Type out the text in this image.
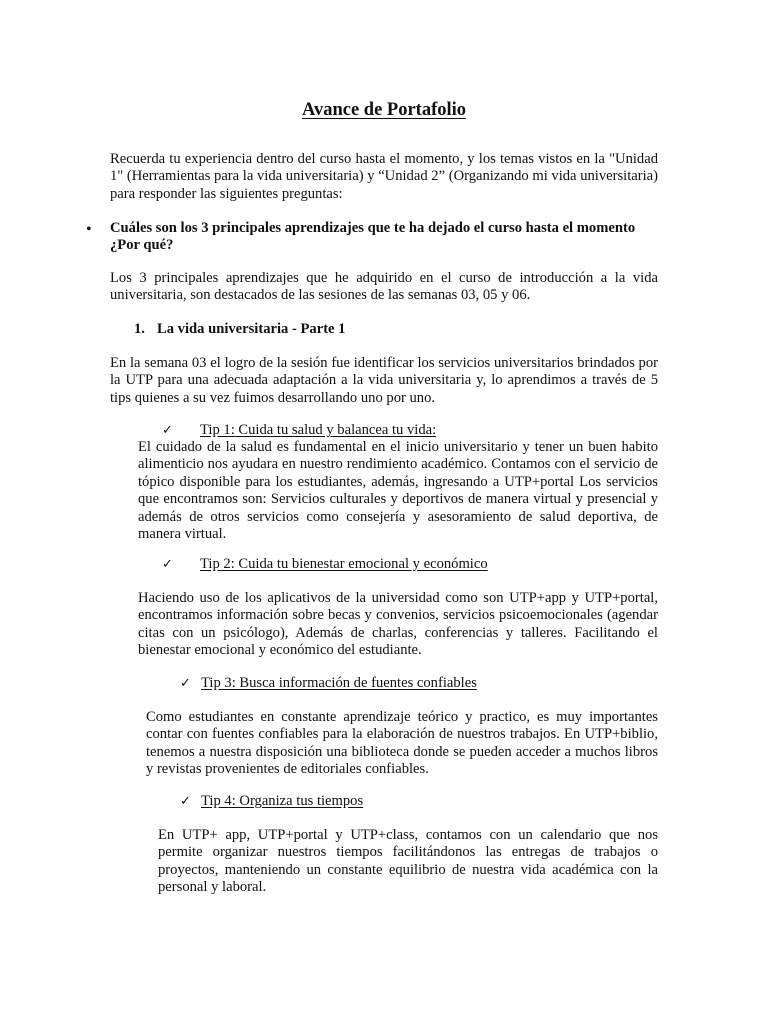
Avance de Portafolio
Recuerda tu experiencia dentro del curso hasta el momento, y los temas vistos en la "Unidad 1" (Herramientas para la vida universitaria) y “Unidad 2” (Organizando mi vida universitaria) para responder las siguientes preguntas:
• Cuáles son los 3 principales aprendizajes que te ha dejado el curso hasta el momento ¿Por qué?
Los 3 principales aprendizajes que he adquirido en el curso de introducción a la vida universitaria, son destacados de las sesiones de las semanas 03, 05 y 06.
1. La vida universitaria - Parte 1
En la semana 03 el logro de la sesión fue identificar los servicios universitarios brindados por la UTP para una adecuada adaptación a la vida universitaria y, lo aprendimos a través de 5 tips quienes a su vez fuimos desarrollando uno por uno.
✓ Tip 1: Cuida tu salud y balancea tu vida:
El cuidado de la salud es fundamental en el inicio universitario y tener un buen habito alimenticio nos ayudara en nuestro rendimiento académico. Contamos con el servicio de tópico disponible para los estudiantes, además, ingresando a UTP+portal Los servicios que encontramos son: Servicios culturales y deportivos de manera virtual y presencial y además de otros servicios como consejería y asesoramiento de salud deportiva, de manera virtual.
✓ Tip 2: Cuida tu bienestar emocional y económico
Haciendo uso de los aplicativos de la universidad como son UTP+app y UTP+portal, encontramos información sobre becas y convenios, servicios psicoemocionales (agendar citas con un psicólogo), Además de charlas, conferencias y talleres. Facilitando el bienestar emocional y económico del estudiante.
✓ Tip 3: Busca información de fuentes confiables
Como estudiantes en constante aprendizaje teórico y practico, es muy importantes contar con fuentes confiables para la elaboración de nuestros trabajos. En UTP+biblio, tenemos a nuestra disposición una biblioteca donde se pueden acceder a muchos libros y revistas provenientes de editoriales confiables.
✓ Tip 4: Organiza tus tiempos
En UTP+ app, UTP+portal y UTP+class, contamos con un calendario que nos permite organizar nuestros tiempos facilitándonos las entregas de trabajos o proyectos, manteniendo un constante equilibrio de nuestra vida académica con la personal y laboral.
